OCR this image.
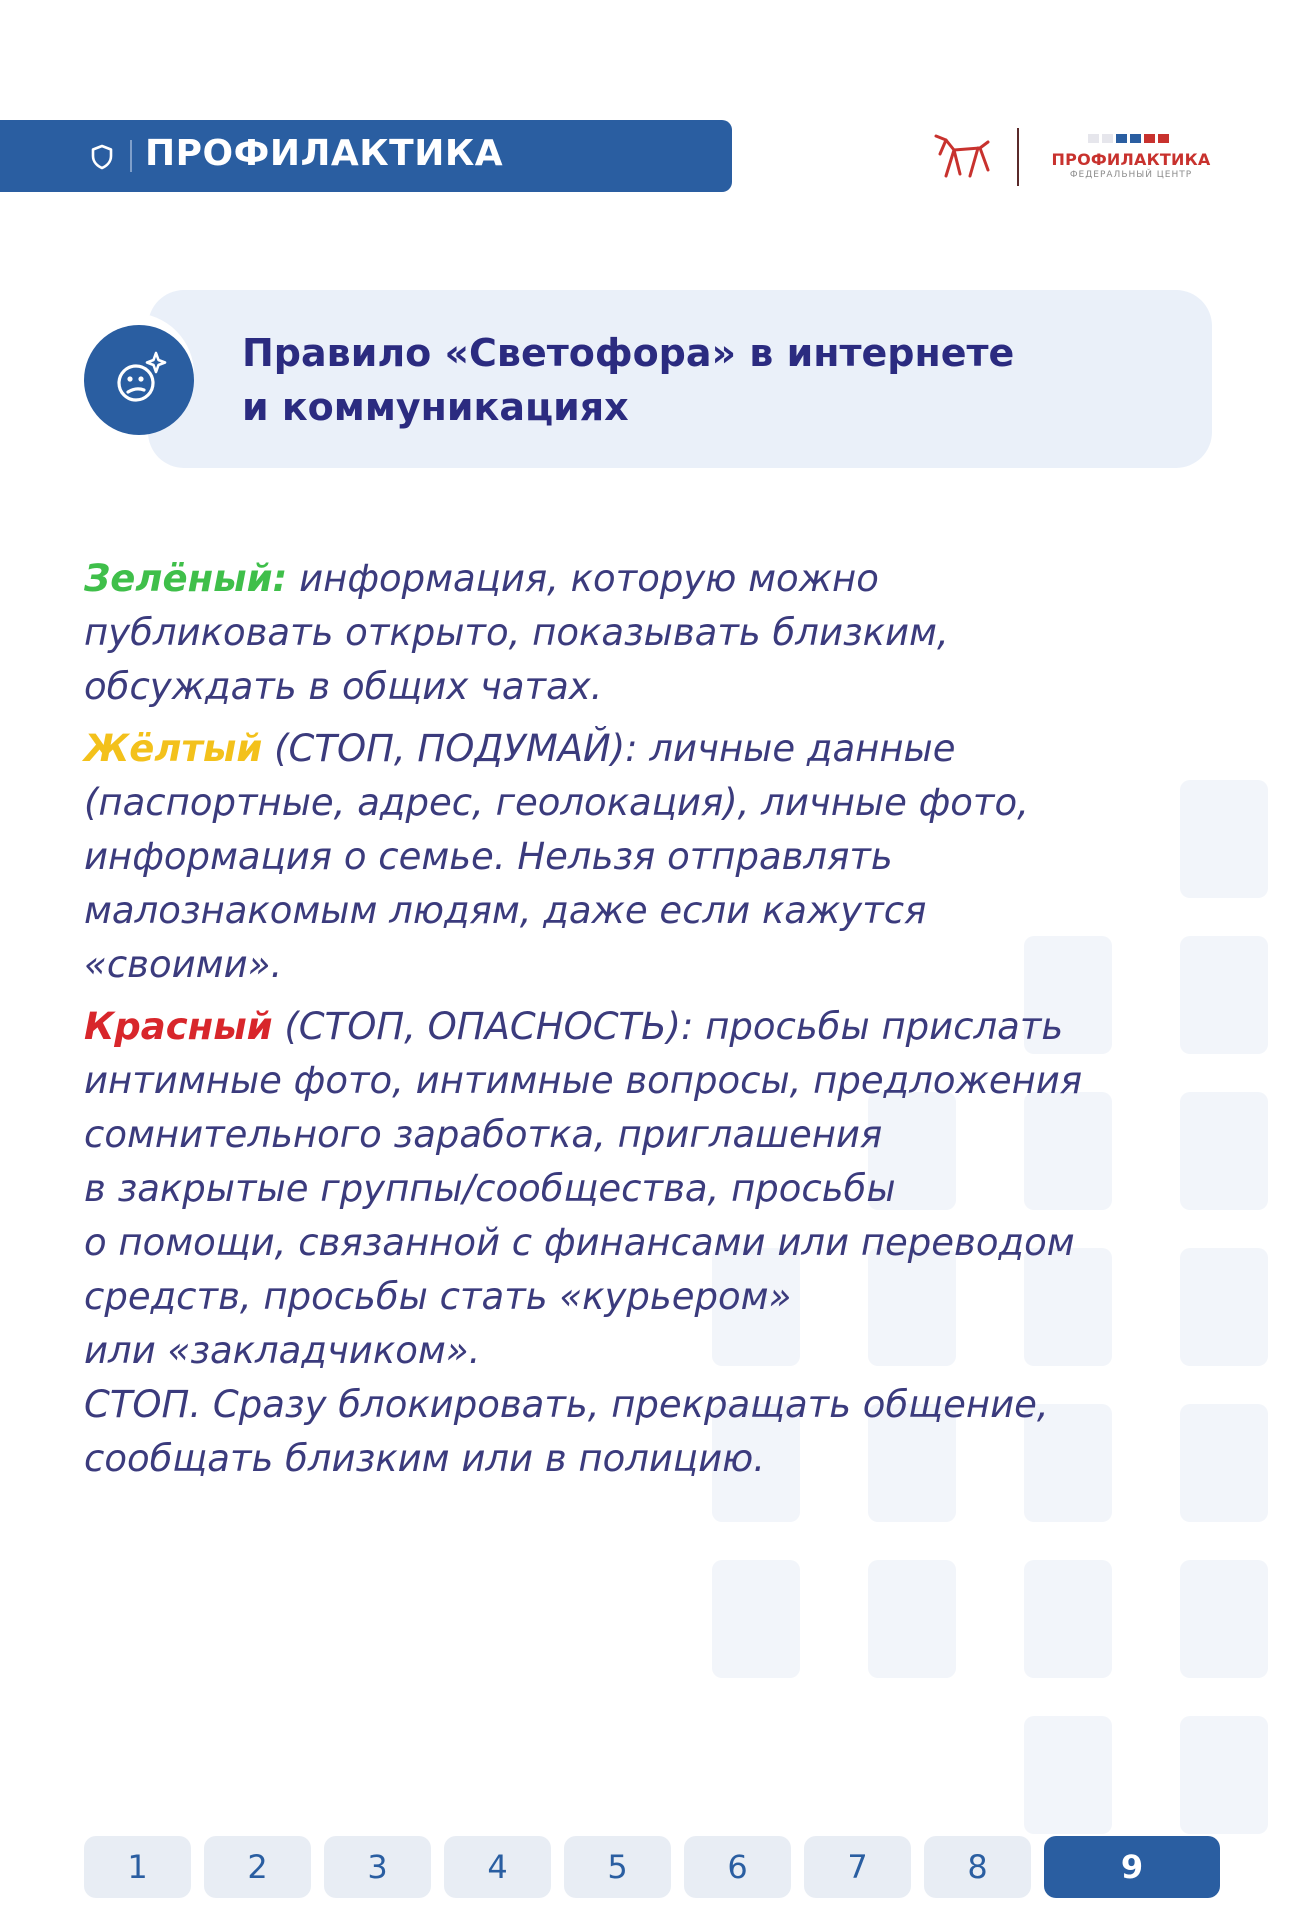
ПРОФИЛАКТИКА	ПРОФИЛАКТИКА
ФЕДЕРАЛЬНЫЙ ЦЕНТР
Правило «Светофора» в интернете
и коммуникациях
Зелёный: информация, которую можно
публиковать открыто, показывать близким,
обсуждать в общих чатах.
Жёлтый (СТОП, ПОДУМАЙ): личные данные
(паспортные, адрес, геолокация), личные фото,
информация о семье. Нельзя отправлять
малознакомым людям, даже если кажутся
«своими».
Красный (СТОП, ОПАСНОСТЬ): просьбы прислать
интимные фото, интимные вопросы, предложения
сомнительного заработка, приглашения
в закрытые группы/сообщества, просьбы
о помощи, связанной с финансами или переводом
средств, просьбы стать «курьером»
или «закладчиком».
СТОП. Сразу блокировать, прекращать общение,
сообщать близким или в полицию.
1	2	3	4	5	6	7	8	9
